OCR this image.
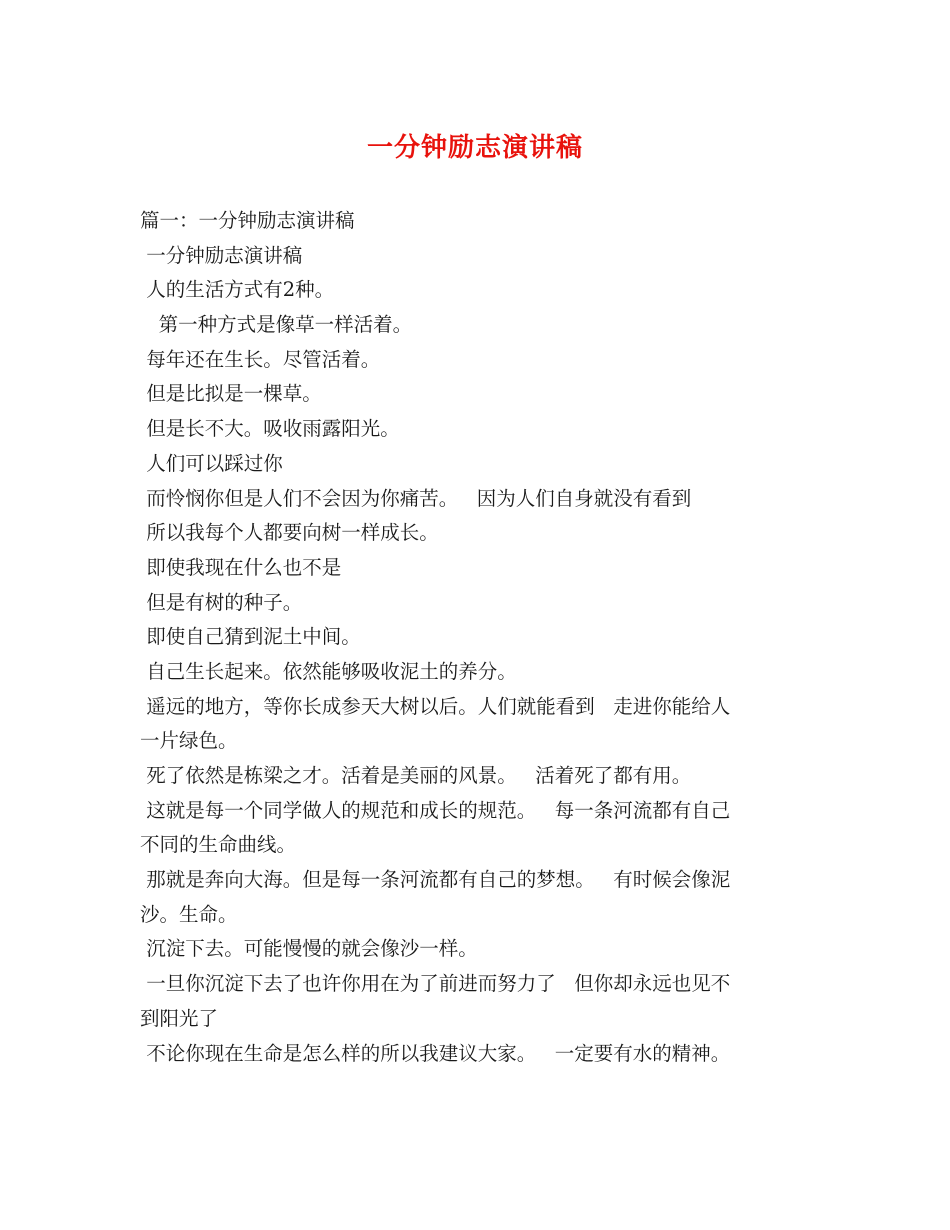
一分钟励志演讲稿
篇一：一分钟励志演讲稿
一分钟励志演讲稿
人的生活方式有2种。
第一种方式是像草一样活着。
每年还在生长。尽管活着。
但是比拟是一棵草。
但是长不大。吸收雨露阳光。
人们可以踩过你
而怜悯你但是人们不会因为你痛苦。   因为人们自身就没有看到
所以我每个人都要向树一样成长。
即使我现在什么也不是
但是有树的种子。
即使自己猜到泥土中间。
自己生长起来。依然能够吸收泥土的养分。
遥远的地方，等你长成参天大树以后。人们就能看到   走进你能给人
一片绿色。
死了依然是栋梁之才。活着是美丽的风景。   活着死了都有用。
这就是每一个同学做人的规范和成长的规范。   每一条河流都有自己
不同的生命曲线。
那就是奔向大海。但是每一条河流都有自己的梦想。   有时候会像泥
沙。生命。
沉淀下去。可能慢慢的就会像沙一样。
一旦你沉淀下去了也许你用在为了前进而努力了   但你却永远也见不
到阳光了
不论你现在生命是怎么样的所以我建议大家。   一定要有水的精神。
